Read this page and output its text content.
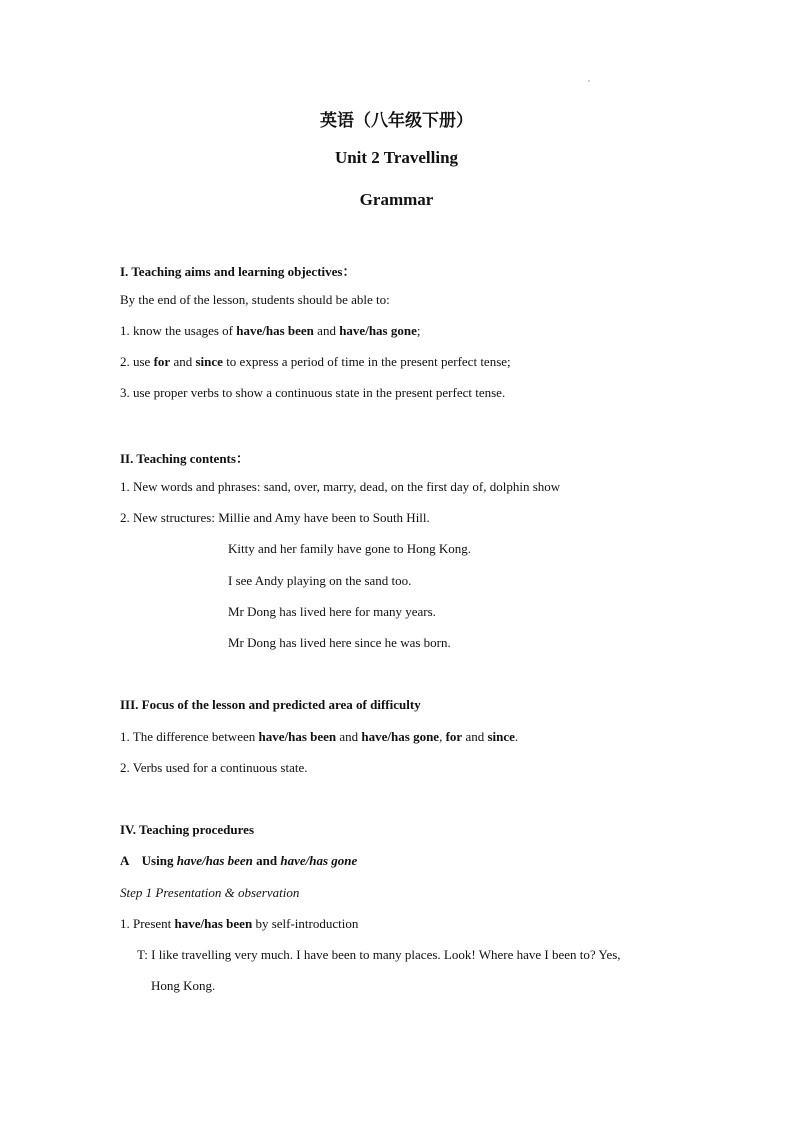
英语（八年级下册）
Unit 2 Travelling
Grammar
I. Teaching aims and learning objectives：
By the end of the lesson, students should be able to:
1. know the usages of have/has been and have/has gone;
2. use for and since to express a period of time in the present perfect tense;
3. use proper verbs to show a continuous state in the present perfect tense.
II. Teaching contents：
1. New words and phrases: sand, over, marry, dead, on the first day of, dolphin show
2. New structures: Millie and Amy have been to South Hill.
Kitty and her family have gone to Hong Kong.
I see Andy playing on the sand too.
Mr Dong has lived here for many years.
Mr Dong has lived here since he was born.
III. Focus of the lesson and predicted area of difficulty
1. The difference between have/has been and have/has gone, for and since.
2. Verbs used for a continuous state.
IV. Teaching procedures
A    Using have/has been and have/has gone
Step 1 Presentation & observation
1. Present have/has been by self-introduction
T: I like travelling very much. I have been to many places. Look! Where have I been to? Yes,
Hong Kong.
